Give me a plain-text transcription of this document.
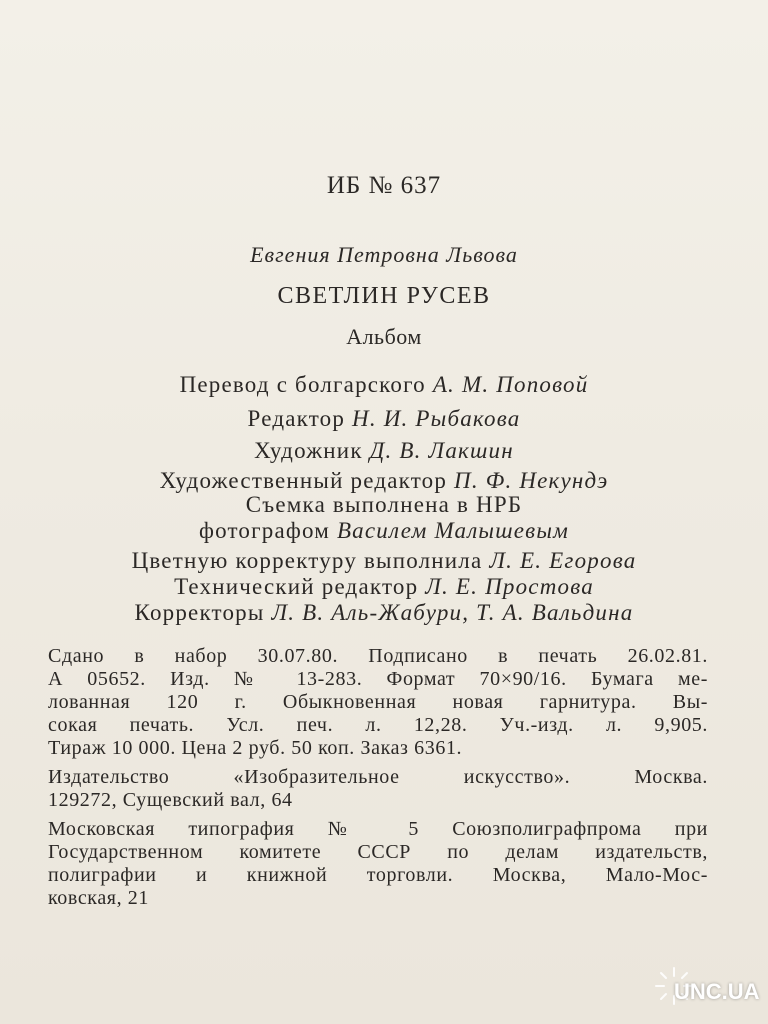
ИБ № 637
Евгения Петровна Львова
СВЕТЛИН РУСЕВ
Альбом
Перевод с болгарского А. М. Поповой
Редактор Н. И. Рыбакова
Художник Д. В. Лакшин
Художественный редактор П. Ф. Некундэ
Съемка выполнена в НРБ
фотографом Василем Малышевым
Цветную корректуру выполнила Л. Е. Егорова
Технический редактор Л. Е. Простова
Корректоры Л. В. Аль-Жабури, Т. А. Вальдина
Сдано в набор 30.07.80. Подписано в печать 26.02.81.
А 05652. Изд. № 13-283. Формат 70×90/16. Бумага ме-
лованная 120 г. Обыкновенная новая гарнитура. Вы-
сокая печать. Усл. печ. л. 12,28. Уч.-изд. л. 9,905.
Тираж 10 000. Цена 2 руб. 50 коп. Заказ 6361.
Издательство «Изобразительное искусство». Москва.
129272, Сущевский вал, 64
Московская типография № 5 Союзполиграфпрома при
Государственном комитете СССР по делам издательств,
полиграфии и книжной торговли. Москва, Мало-Мос-
ковская, 21
UNC.UA
